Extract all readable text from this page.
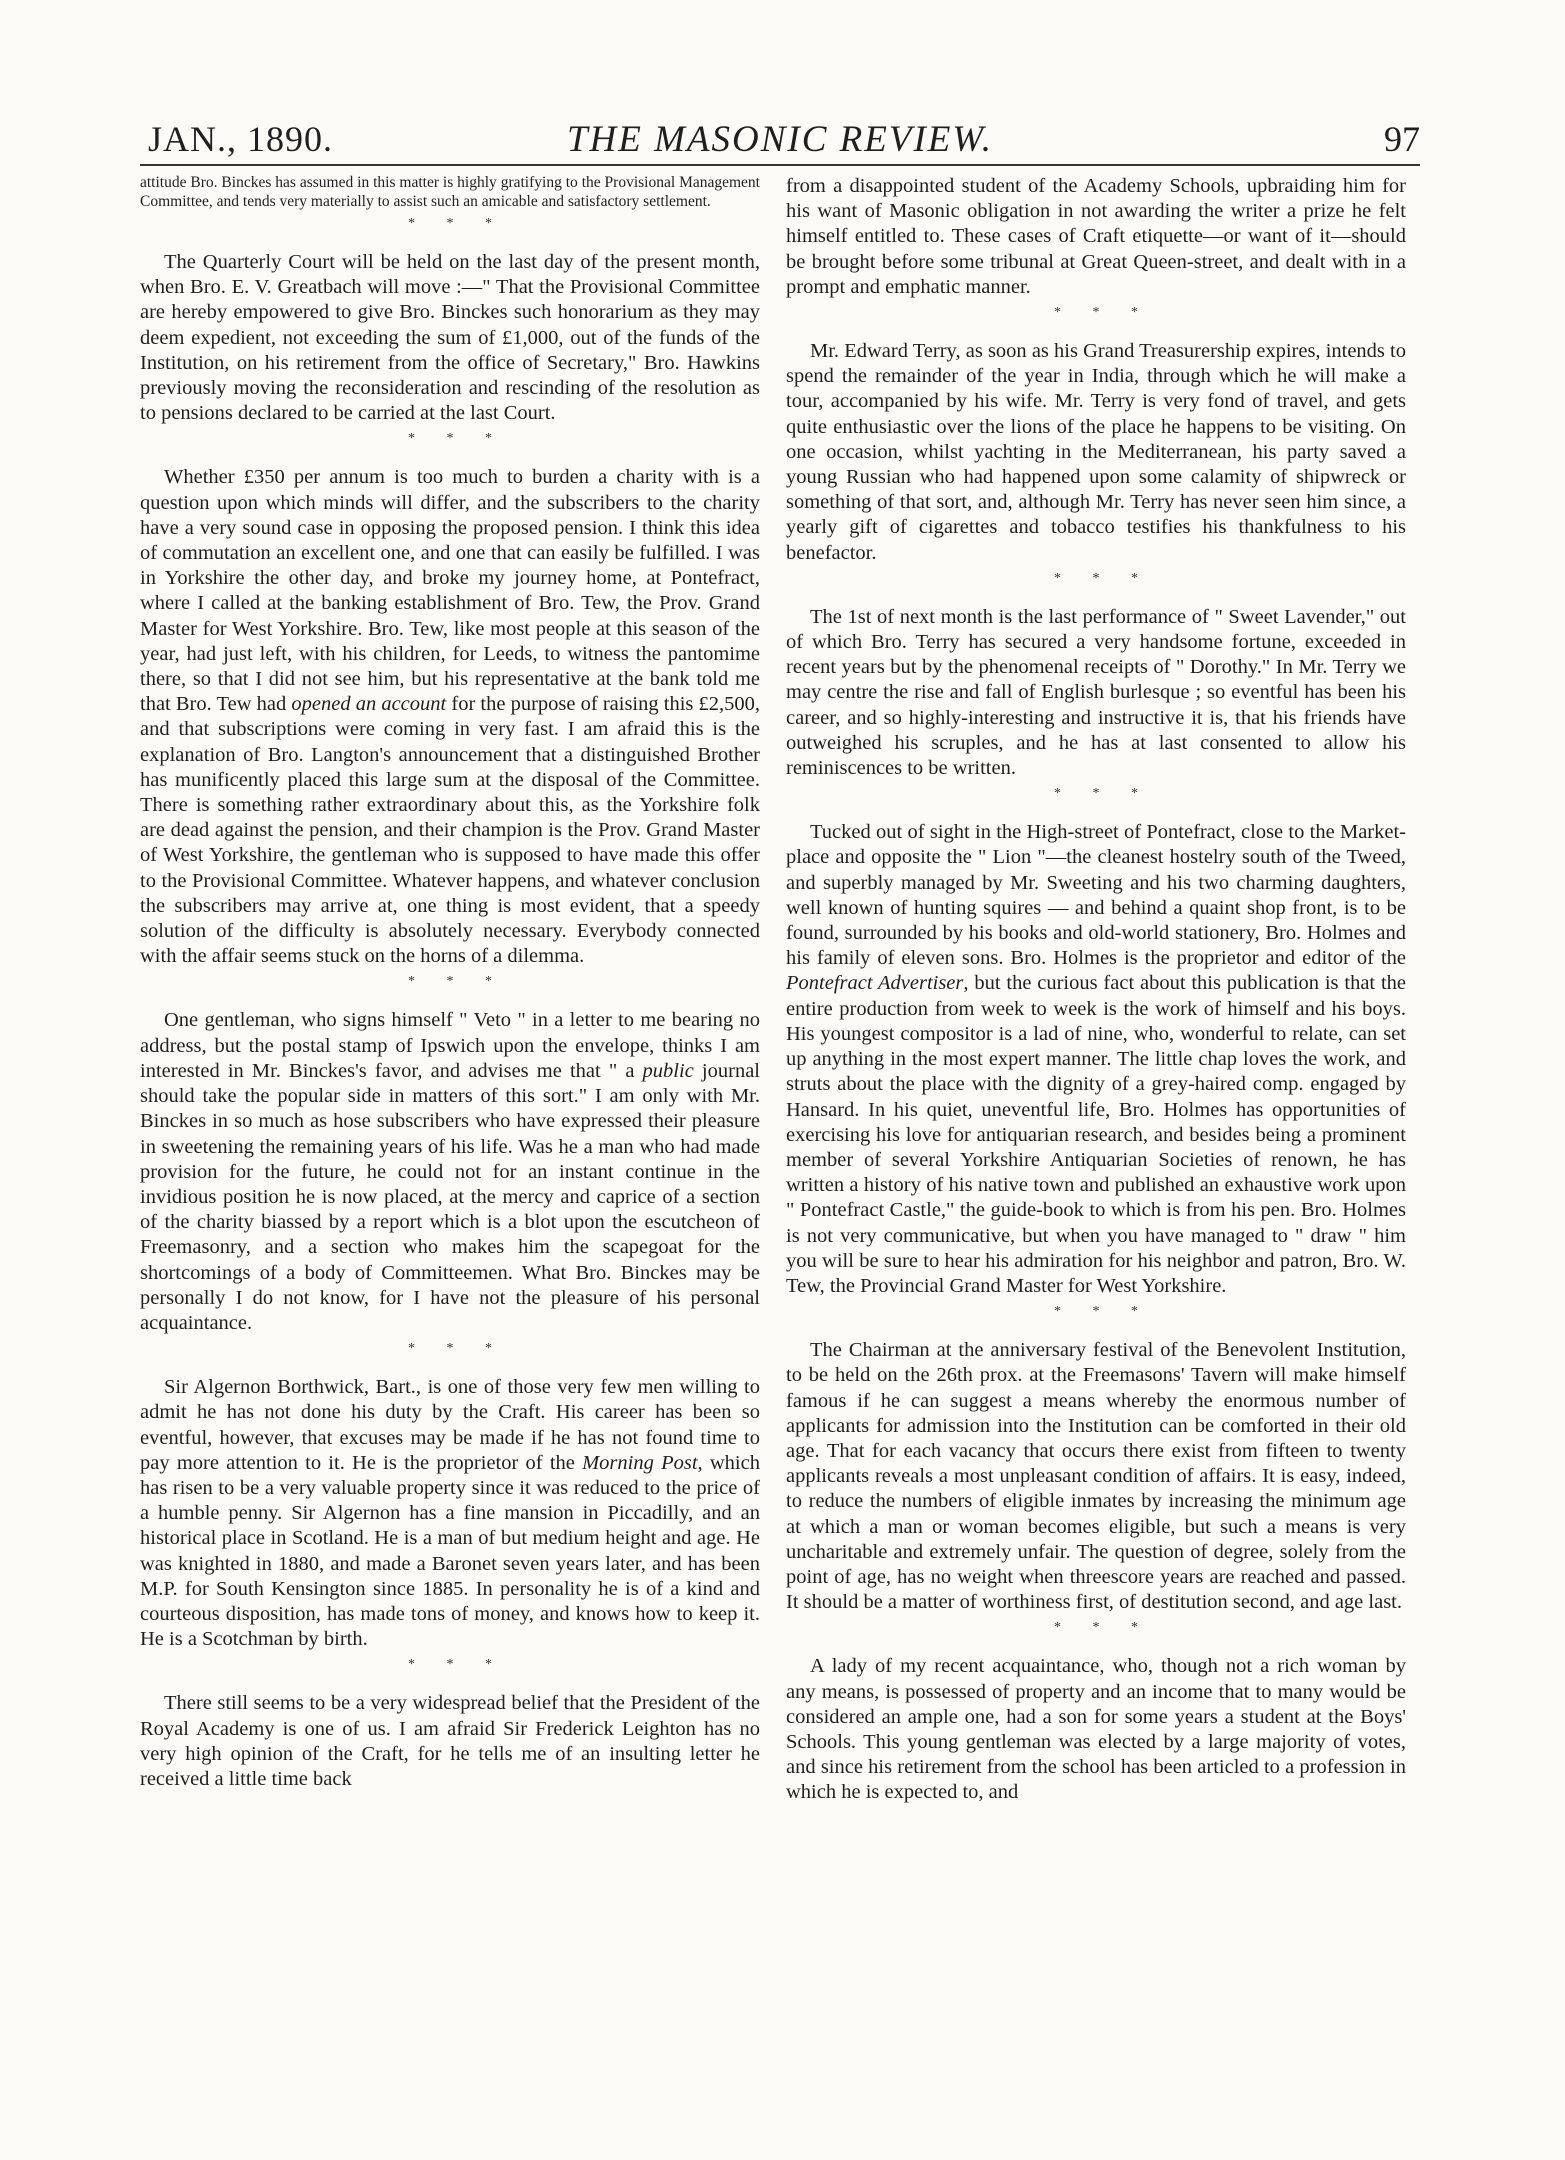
JAN., 1890.	THE MASONIC REVIEW.	97

attitude Bro. Binckes has assumed in this matter is highly gratifying to the Provisional Management Committee, and tends very materially to assist such an amicable and satisfactory settlement.

* * *

The Quarterly Court will be held on the last day of the present month, when Bro. E. V. Greatbach will move :—" That the Provisional Committee are hereby empowered to give Bro. Binckes such honorarium as they may deem expedient, not exceeding the sum of £1,000, out of the funds of the Institution, on his retirement from the office of Secretary," Bro. Hawkins previously moving the reconsideration and rescinding of the resolution as to pensions declared to be carried at the last Court.

* * *

Whether £350 per annum is too much to burden a charity with is a question upon which minds will differ, and the subscribers to the charity have a very sound case in opposing the proposed pension. I think this idea of commutation an excellent one, and one that can easily be fulfilled. I was in Yorkshire the other day, and broke my journey home, at Pontefract, where I called at the banking establishment of Bro. Tew, the Prov. Grand Master for West Yorkshire. Bro. Tew, like most people at this season of the year, had just left, with his children, for Leeds, to witness the pantomime there, so that I did not see him, but his representative at the bank told me that Bro. Tew had opened an account for the purpose of raising this £2,500, and that subscriptions were coming in very fast. I am afraid this is the explanation of Bro. Langton's announcement that a distinguished Brother has munificently placed this large sum at the disposal of the Committee. There is something rather extraordinary about this, as the Yorkshire folk are dead against the pension, and their champion is the Prov. Grand Master of West Yorkshire, the gentleman who is supposed to have made this offer to the Provisional Committee. Whatever happens, and whatever conclusion the subscribers may arrive at, one thing is most evident, that a speedy solution of the difficulty is absolutely necessary. Everybody connected with the affair seems stuck on the horns of a dilemma.

* * *

One gentleman, who signs himself " Veto " in a letter to me bearing no address, but the postal stamp of Ipswich upon the envelope, thinks I am interested in Mr. Binckes's favor, and advises me that " a public journal should take the popular side in matters of this sort." I am only with Mr. Binckes in so much as hose subscribers who have expressed their pleasure in sweetening the remaining years of his life. Was he a man who had made provision for the future, he could not for an instant continue in the invidious position he is now placed, at the mercy and caprice of a section of the charity biassed by a report which is a blot upon the escutcheon of Freemasonry, and a section who makes him the scapegoat for the shortcomings of a body of Committeemen. What Bro. Binckes may be personally I do not know, for I have not the pleasure of his personal acquaintance.

* * *

Sir Algernon Borthwick, Bart., is one of those very few men willing to admit he has not done his duty by the Craft. His career has been so eventful, however, that excuses may be made if he has not found time to pay more attention to it. He is the proprietor of the Morning Post, which has risen to be a very valuable property since it was reduced to the price of a humble penny. Sir Algernon has a fine mansion in Piccadilly, and an historical place in Scotland. He is a man of but medium height and age. He was knighted in 1880, and made a Baronet seven years later, and has been M.P. for South Kensington since 1885. In personality he is of a kind and courteous disposition, has made tons of money, and knows how to keep it. He is a Scotchman by birth.

* * *

There still seems to be a very widespread belief that the President of the Royal Academy is one of us. I am afraid Sir Frederick Leighton has no very high opinion of the Craft, for he tells me of an insulting letter he received a little time back

from a disappointed student of the Academy Schools, upbraiding him for his want of Masonic obligation in not awarding the writer a prize he felt himself entitled to. These cases of Craft etiquette—or want of it—should be brought before some tribunal at Great Queen-street, and dealt with in a prompt and emphatic manner.

* * *

Mr. Edward Terry, as soon as his Grand Treasurership expires, intends to spend the remainder of the year in India, through which he will make a tour, accompanied by his wife. Mr. Terry is very fond of travel, and gets quite enthusiastic over the lions of the place he happens to be visiting. On one occasion, whilst yachting in the Mediterranean, his party saved a young Russian who had happened upon some calamity of shipwreck or something of that sort, and, although Mr. Terry has never seen him since, a yearly gift of cigarettes and tobacco testifies his thankfulness to his benefactor.

* * *

The 1st of next month is the last performance of " Sweet Lavender," out of which Bro. Terry has secured a very handsome fortune, exceeded in recent years but by the phenomenal receipts of " Dorothy." In Mr. Terry we may centre the rise and fall of English burlesque ; so eventful has been his career, and so highly-interesting and instructive it is, that his friends have outweighed his scruples, and he has at last consented to allow his reminiscences to be written.

* * *

Tucked out of sight in the High-street of Pontefract, close to the Market-place and opposite the " Lion "—the cleanest hostelry south of the Tweed, and superbly managed by Mr. Sweeting and his two charming daughters, well known of hunting squires — and behind a quaint shop front, is to be found, surrounded by his books and old-world stationery, Bro. Holmes and his family of eleven sons. Bro. Holmes is the proprietor and editor of the Pontefract Advertiser, but the curious fact about this publication is that the entire production from week to week is the work of himself and his boys. His youngest compositor is a lad of nine, who, wonderful to relate, can set up anything in the most expert manner. The little chap loves the work, and struts about the place with the dignity of a grey-haired comp. engaged by Hansard. In his quiet, uneventful life, Bro. Holmes has opportunities of exercising his love for antiquarian research, and besides being a prominent member of several Yorkshire Antiquarian Societies of renown, he has written a history of his native town and published an exhaustive work upon " Pontefract Castle," the guide-book to which is from his pen. Bro. Holmes is not very communicative, but when you have managed to " draw " him you will be sure to hear his admiration for his neighbor and patron, Bro. W. Tew, the Provincial Grand Master for West Yorkshire.

* * *

The Chairman at the anniversary festival of the Benevolent Institution, to be held on the 26th prox. at the Freemasons' Tavern will make himself famous if he can suggest a means whereby the enormous number of applicants for admission into the Institution can be comforted in their old age. That for each vacancy that occurs there exist from fifteen to twenty applicants reveals a most unpleasant condition of affairs. It is easy, indeed, to reduce the numbers of eligible inmates by increasing the minimum age at which a man or woman becomes eligible, but such a means is very uncharitable and extremely unfair. The question of degree, solely from the point of age, has no weight when threescore years are reached and passed. It should be a matter of worthiness first, of destitution second, and age last.

* * *

A lady of my recent acquaintance, who, though not a rich woman by any means, is possessed of property and an income that to many would be considered an ample one, had a son for some years a student at the Boys' Schools. This young gentleman was elected by a large majority of votes, and since his retirement from the school has been articled to a profession in which he is expected to, and
